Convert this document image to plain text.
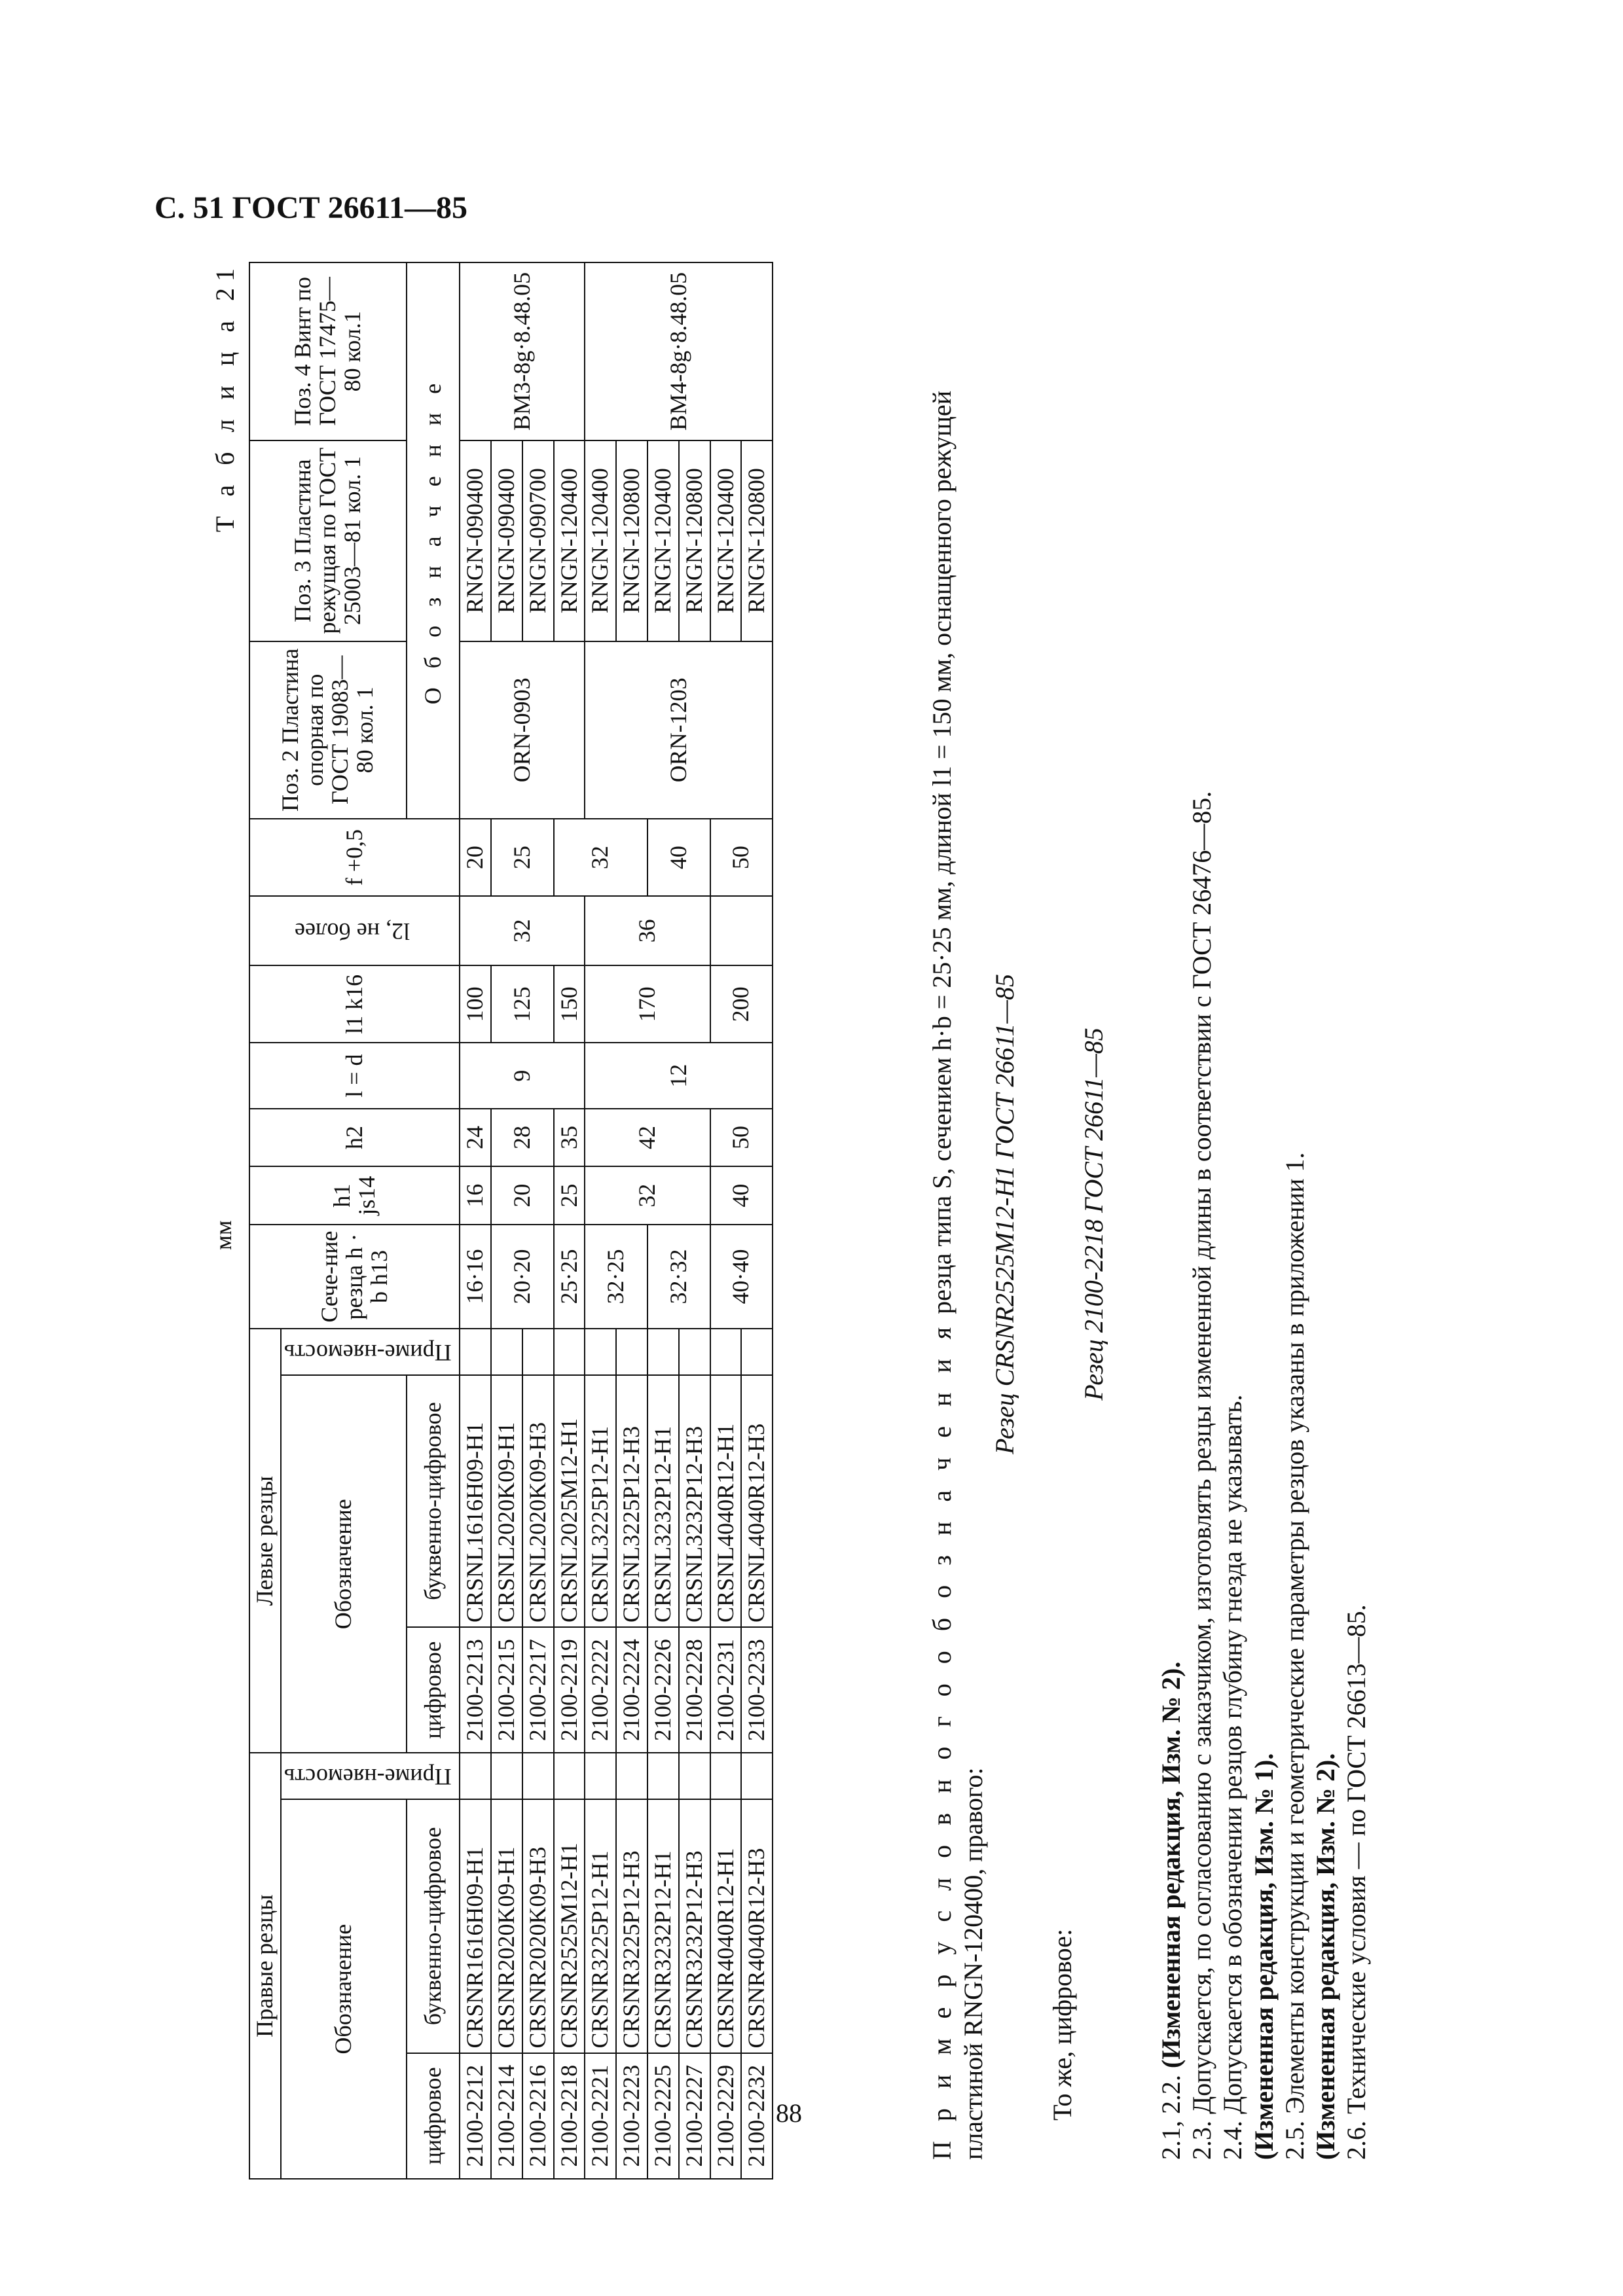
С. 51 ГОСТ 26611—85
мм
Т а б л и ц а 21
Правые резцы			Левые резцы			Сече-ние резца h · b h13	h1 js14	h2	l = d	l1 k16	l2, не более	f +0,5	Поз. 2 Пластина опорная по ГОСТ 19083—80 кол. 1	Поз. 3 Пластина режущая по ГОСТ 25003—81 кол. 1	Поз. 4 Винт по ГОСТ 17475—80 кол.1
Обозначение		Приме-няемость	Обозначение		Приме-няемость										
цифровое	буквенно-цифровое		цифровое	буквенно-цифровое									О б о з н а ч е н и е		
2100-2212	CRSNR1616H09-H1		2100-2213	CRSNL1616H09-H1		16·16	16	24	9	100	32	20	ORN-0903	RNGN-090400	BM3-8g·8.48.05
2100-2214	CRSNR2020K09-H1		2100-2215	CRSNL2020K09-H1		20·20	20	28		125		25		RNGN-090400	
2100-2216	CRSNR2020K09-H3		2100-2217	CRSNL2020K09-H3										RNGN-090700	
2100-2218	CRSNR2525M12-H1		2100-2219	CRSNL2025M12-H1		25·25	25	35		150		32		RNGN-120400	
2100-2221	CRSNR3225P12-H1		2100-2222	CRSNL3225P12-H1		32·25	32	42	12	170	36		ORN-1203	RNGN-120400	BM4-8g·8.48.05
2100-2223	CRSNR3225P12-H3		2100-2224	CRSNL3225P12-H3										RNGN-120800	
2100-2225	CRSNR3232P12-H1		2100-2226	CRSNL3232P12-H1		32·32						40		RNGN-120400	
2100-2227	CRSNR3232P12-H3		2100-2228	CRSNL3232P12-H3										RNGN-120800	
2100-2229	CRSNR4040R12-H1		2100-2231	CRSNL4040R12-H1		40·40	40	50		200		50		RNGN-120400	
2100-2232	CRSNR4040R12-H3		2100-2233	CRSNL4040R12-H3										RNGN-120800	

П р и м е р у с л о в н о г о о б о з н а ч е н и я резца типа S, сечением h·b = 25·25 мм, длиной l1 = 150 мм, оснащенного режущей пластиной RNGN-120400, правого:

Резец CRSNR2525M12-H1 ГОСТ 26611—85

То же, цифровое:

Резец 2100-2218 ГОСТ 26611—85

2.1, 2.2. (Измененная редакция, Изм. № 2). 2.3. Допускается, по согласованию с заказчиком, изготовлять резцы измененной длины в соответствии с ГОСТ 26476—85. 2.4. Допускается в обозначении резцов глубину гнезда не указывать. (Измененная редакция, Изм. № 1). 2.5. Элементы конструкции и геометрические параметры резцов указаны в приложении 1. (Измененная редакция, Изм. № 2). 2.6. Технические условия — по ГОСТ 26613—85.

88
